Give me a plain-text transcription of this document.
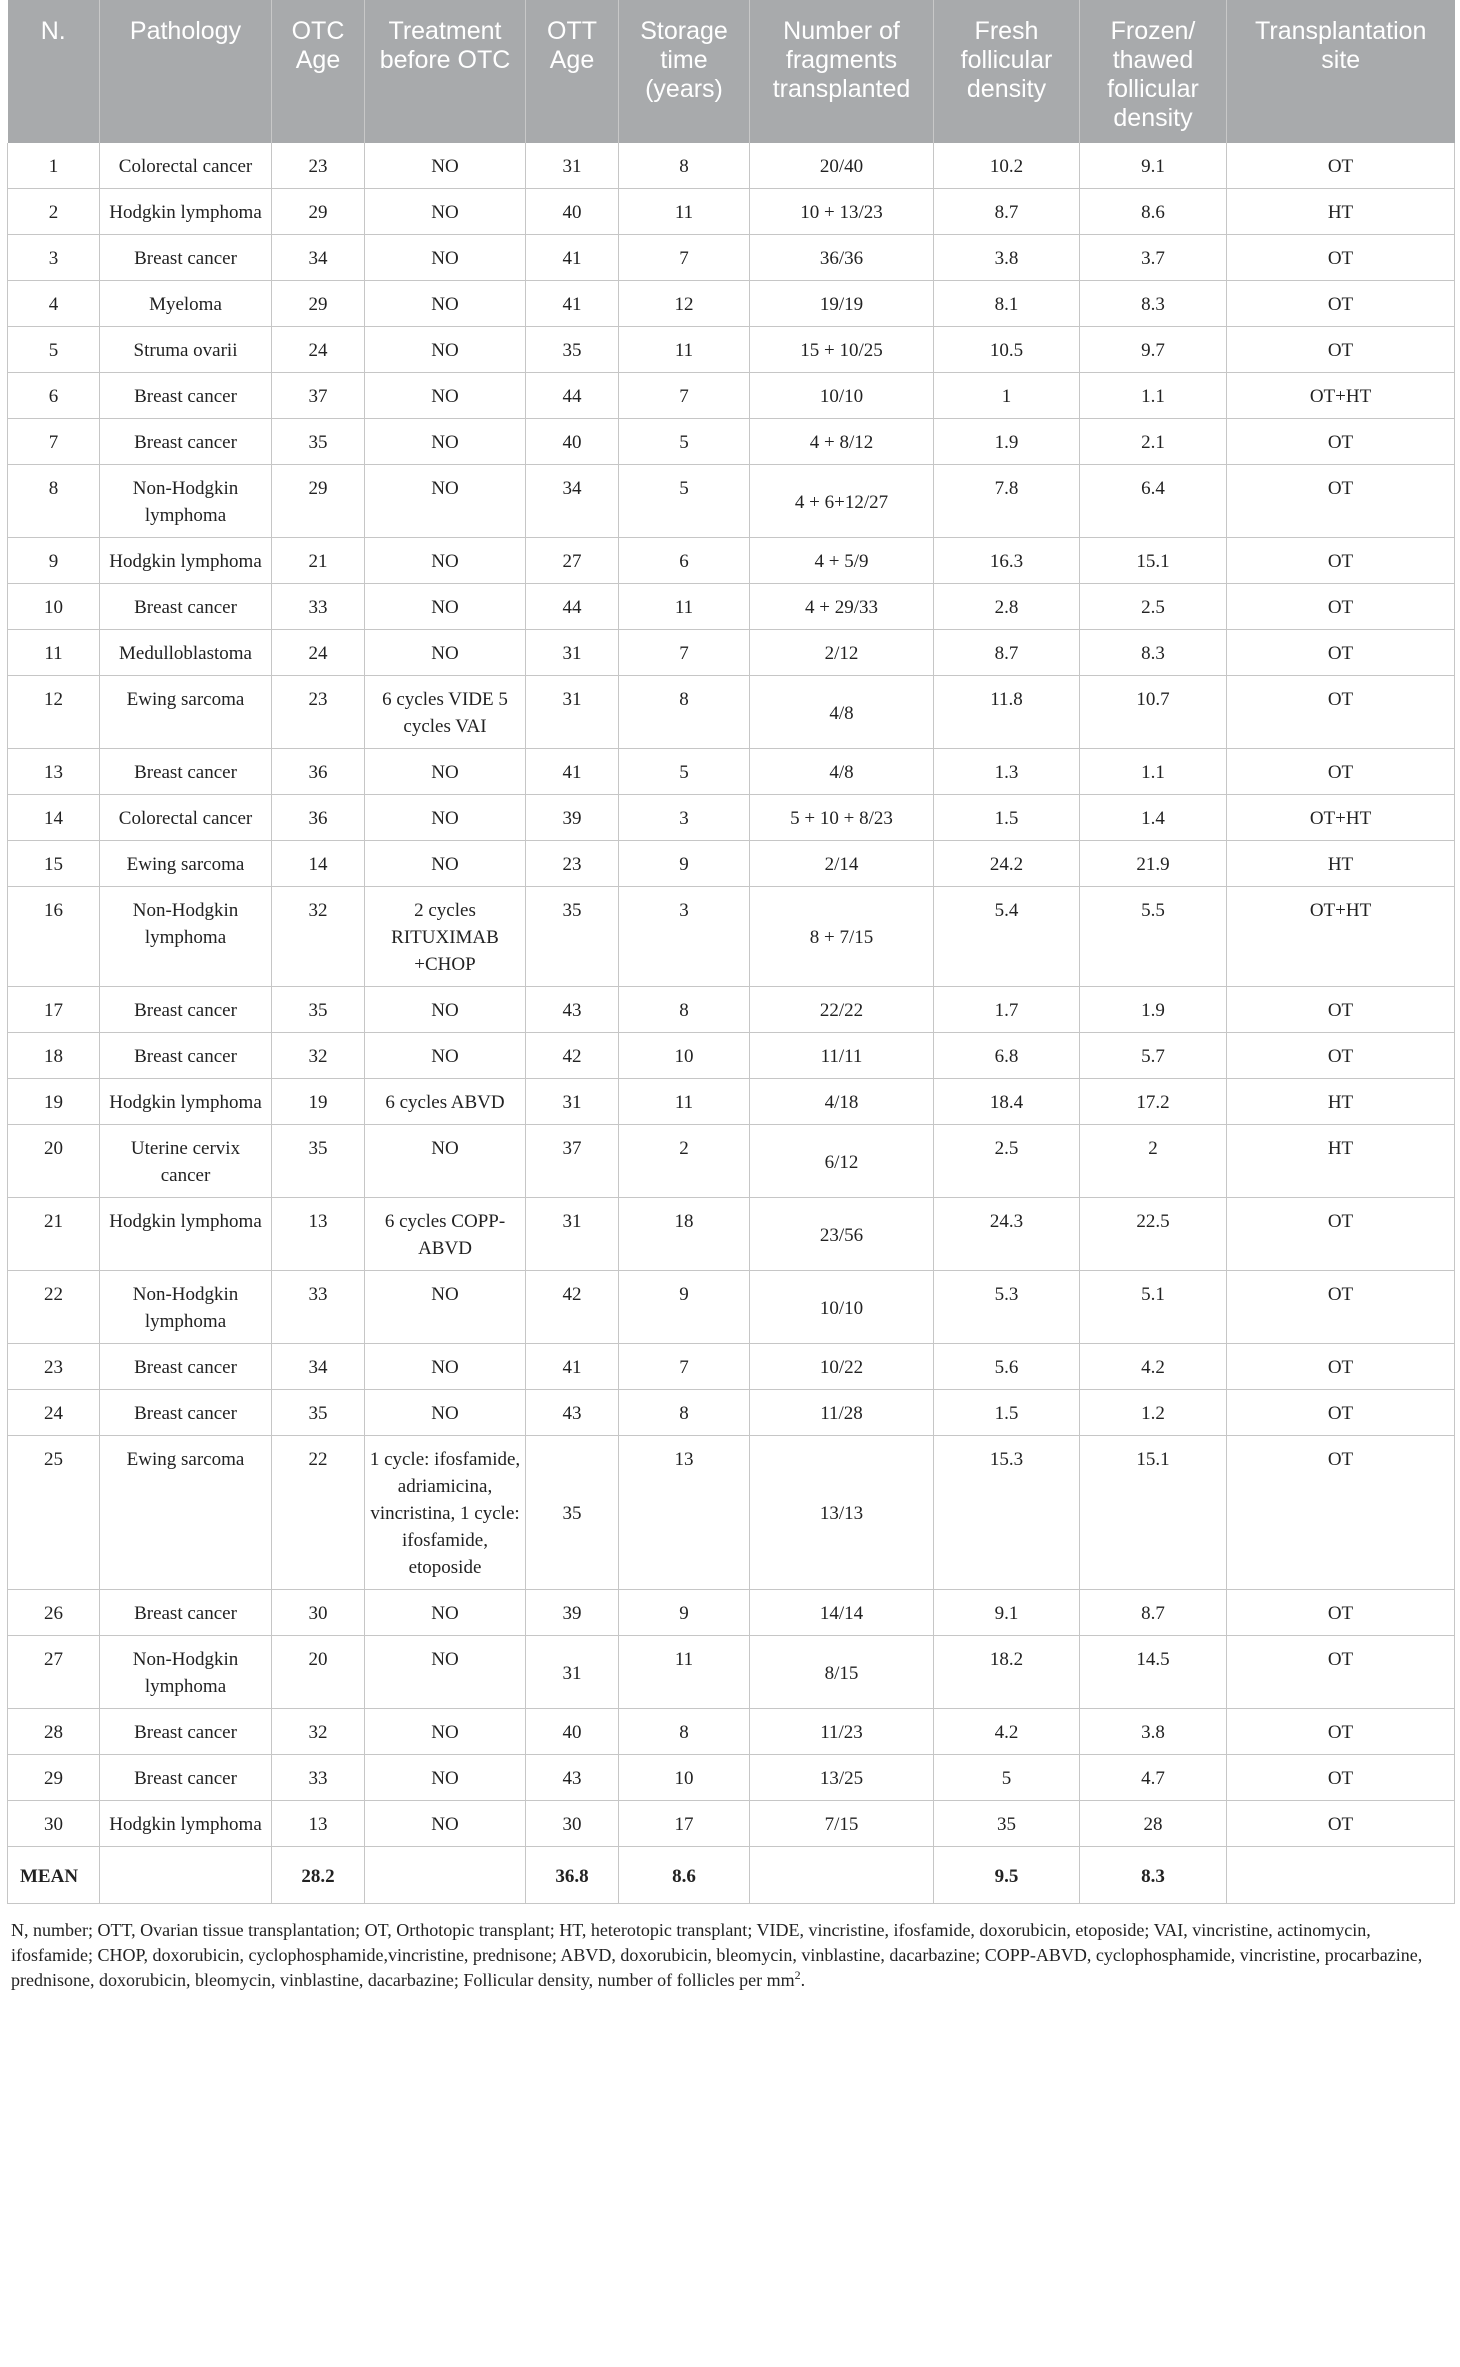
N.	Pathology	OTC Age	Treatment before OTC	OTT Age	Storage time (years)	Number of fragments transplanted	Fresh follicular density	Frozen/ thawed follicular density	Transplantation site
1	Colorectal cancer	23	NO	31	8	20/40	10.2	9.1	OT
2	Hodgkin lymphoma	29	NO	40	11	10 + 13/23	8.7	8.6	HT
3	Breast cancer	34	NO	41	7	36/36	3.8	3.7	OT
4	Myeloma	29	NO	41	12	19/19	8.1	8.3	OT
5	Struma ovarii	24	NO	35	11	15 + 10/25	10.5	9.7	OT
6	Breast cancer	37	NO	44	7	10/10	1	1.1	OT+HT
7	Breast cancer	35	NO	40	5	4 + 8/12	1.9	2.1	OT
8	Non-Hodgkin lymphoma	29	NO	34	5	4 + 6+12/27	7.8	6.4	OT
9	Hodgkin lymphoma	21	NO	27	6	4 + 5/9	16.3	15.1	OT
10	Breast cancer	33	NO	44	11	4 + 29/33	2.8	2.5	OT
11	Medulloblastoma	24	NO	31	7	2/12	8.7	8.3	OT
12	Ewing sarcoma	23	6 cycles VIDE 5 cycles VAI	31	8	4/8	11.8	10.7	OT
13	Breast cancer	36	NO	41	5	4/8	1.3	1.1	OT
14	Colorectal cancer	36	NO	39	3	5 + 10 + 8/23	1.5	1.4	OT+HT
15	Ewing sarcoma	14	NO	23	9	2/14	24.2	21.9	HT
16	Non-Hodgkin lymphoma	32	2 cycles RITUXIMAB +CHOP	35	3	8 + 7/15	5.4	5.5	OT+HT
17	Breast cancer	35	NO	43	8	22/22	1.7	1.9	OT
18	Breast cancer	32	NO	42	10	11/11	6.8	5.7	OT
19	Hodgkin lymphoma	19	6 cycles ABVD	31	11	4/18	18.4	17.2	HT
20	Uterine cervix cancer	35	NO	37	2	6/12	2.5	2	HT
21	Hodgkin lymphoma	13	6 cycles COPP-ABVD	31	18	23/56	24.3	22.5	OT
22	Non-Hodgkin lymphoma	33	NO	42	9	10/10	5.3	5.1	OT
23	Breast cancer	34	NO	41	7	10/22	5.6	4.2	OT
24	Breast cancer	35	NO	43	8	11/28	1.5	1.2	OT
25	Ewing sarcoma	22	1 cycle: ifosfamide, adriamicina, vincristina, 1 cycle: ifosfamide, etoposide	35	13	13/13	15.3	15.1	OT
26	Breast cancer	30	NO	39	9	14/14	9.1	8.7	OT
27	Non-Hodgkin lymphoma	20	NO	31	11	8/15	18.2	14.5	OT
28	Breast cancer	32	NO	40	8	11/23	4.2	3.8	OT
29	Breast cancer	33	NO	43	10	13/25	5	4.7	OT
30	Hodgkin lymphoma	13	NO	30	17	7/15	35	28	OT
MEAN		28.2		36.8	8.6		9.5	8.3	
N, number; OTT, Ovarian tissue transplantation; OT, Orthotopic transplant; HT, heterotopic transplant; VIDE, vincristine, ifosfamide, doxorubicin, etoposide; VAI, vincristine, actinomycin, ifosfamide; CHOP, doxorubicin, cyclophosphamide,vincristine, prednisone; ABVD, doxorubicin, bleomycin, vinblastine, dacarbazine; COPP-ABVD, cyclophosphamide, vincristine, procarbazine, prednisone, doxorubicin, bleomycin, vinblastine, dacarbazine; Follicular density, number of follicles per $mm^2$.
